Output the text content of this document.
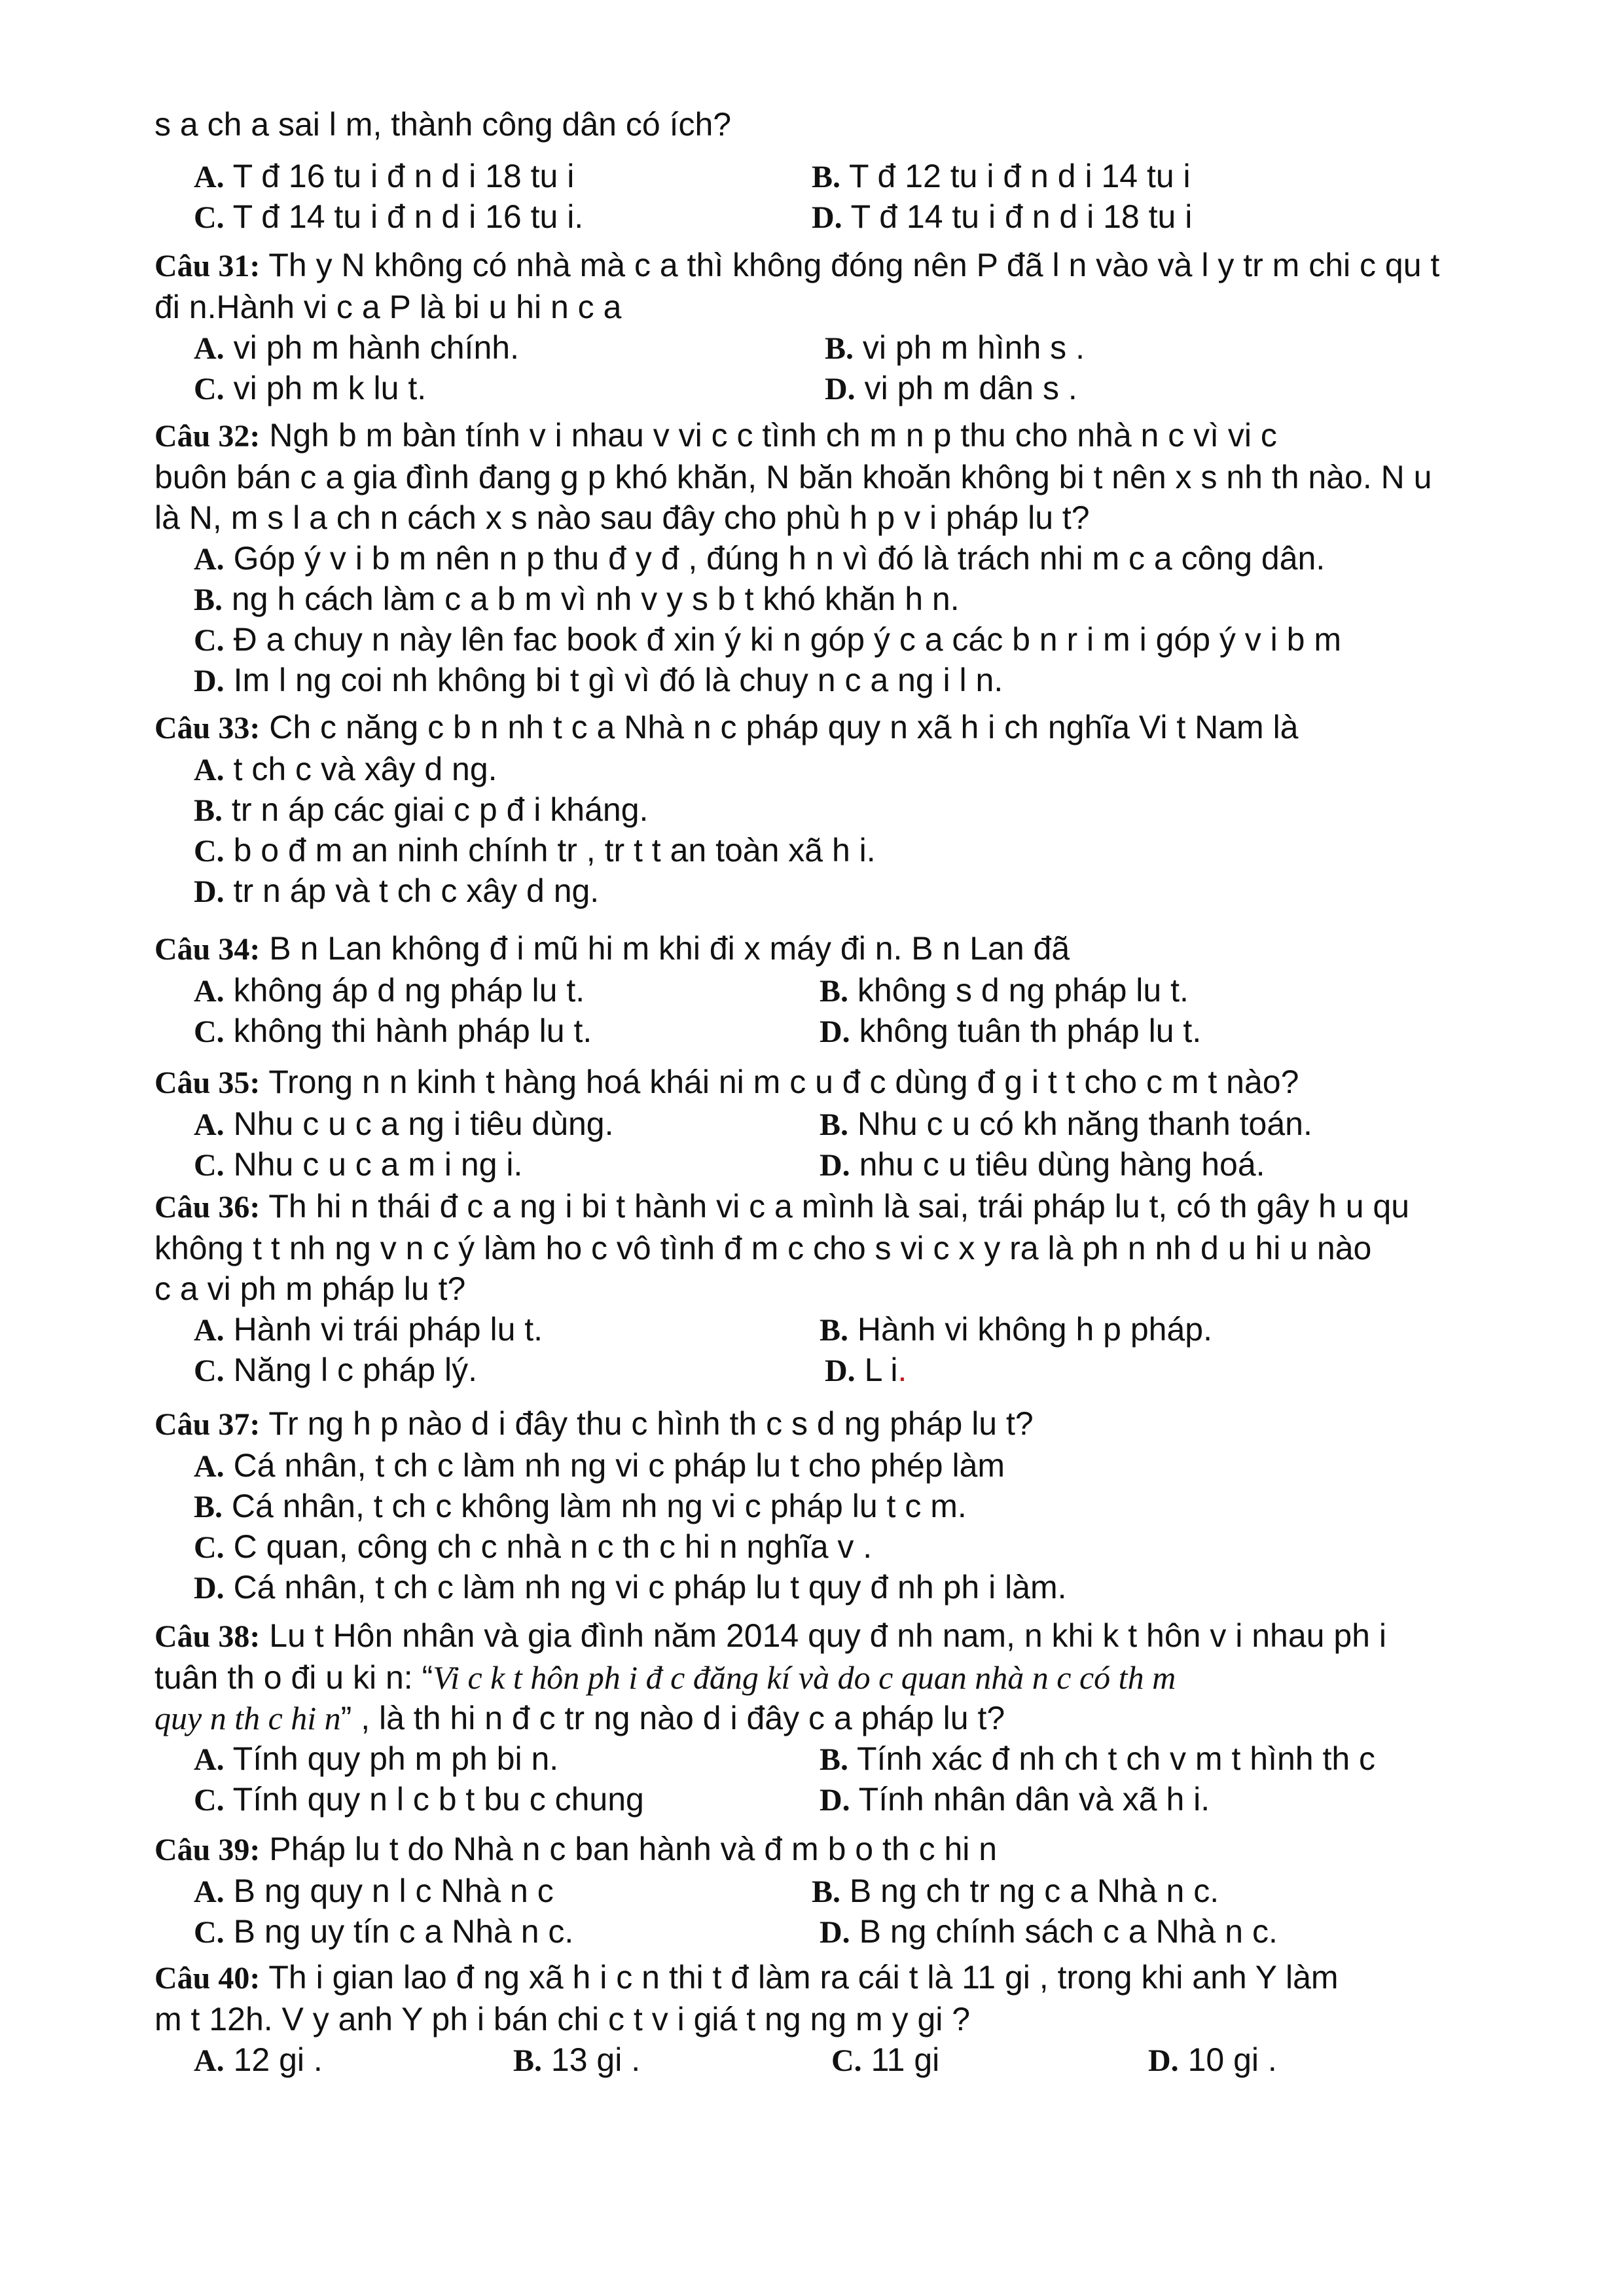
s a ch a sai l m, thành công dân có ích?
A. T đ 16 tu i đ n d i 18 tu i	B. T đ 12 tu i đ n d i 14 tu i
C. T đ 14 tu i đ n d i 16 tu i.	D. T đ 14 tu i đ n d i 18 tu i

Câu 31: Th y N không có nhà mà c a thì không đóng nên P đã l n vào và l y tr m chi c qu t

đi n.Hành vi c a P là bi u hi n c a

A. vi ph m hành chính.	B. vi ph m hình s .
C. vi ph m k lu t.	D. vi ph m dân s .

Câu 32: Ngh b m bàn tính v i nhau v vi c c tình ch m n p thu cho nhà n c vì vi c

buôn bán c a gia đình đang g p khó khăn, N băn khoăn không bi t nên x s nh th nào. N u

là N, m s l a ch n cách x s nào sau đây cho phù h p v i pháp lu t?

A. Góp ý v i b m nên n p thu đ y đ , đúng h n vì đó là trách nhi m c a công dân.
B. ng h cách làm c a b m vì nh v y s b t khó khăn h n.
C. Đ a chuy n này lên fac book đ xin ý ki n góp ý c a các b n r i m i góp ý v i b m
D. Im l ng coi nh không bi t gì vì đó là chuy n c a ng i l n.

Câu 33: Ch c năng c b n nh t c a Nhà n c pháp quy n xã h i ch nghĩa Vi t Nam là

A. t ch c và xây d ng.
B. tr n áp các giai c p đ i kháng.
C. b o đ m an ninh chính tr , tr t t an toàn xã h i.
D. tr n áp và t ch c xây d ng.

Câu 34: B n Lan không đ i mũ hi m khi đi x máy đi n. B n Lan đã

A. không áp d ng pháp lu t.	B. không s d ng pháp lu t.
C. không thi hành pháp lu t.	D. không tuân th pháp lu t.

Câu 35: Trong n n kinh t hàng hoá khái ni m c u đ c dùng đ g i t t cho c m t nào?

A. Nhu c u c a ng i tiêu dùng.	B. Nhu c u có kh năng thanh toán.
C. Nhu c u c a m i ng i.	D. nhu c u tiêu dùng hàng hoá.

Câu 36: Th hi n thái đ c a ng i bi t hành vi c a mình là sai, trái pháp lu t, có th gây h u qu

không t t nh ng v n c ý làm ho c vô tình đ m c cho s vi c x y ra là ph n nh d u hi u nào

c a vi ph m pháp lu t?

A. Hành vi trái pháp lu t.	B. Hành vi không h p pháp.
C. Năng l c pháp lý.	D. L i.

Câu 37: Tr ng h p nào d i đây thu c hình th c s d ng pháp lu t?

A. Cá nhân, t ch c làm nh ng vi c pháp lu t cho phép làm
B. Cá nhân, t ch c không làm nh ng vi c pháp lu t c m.
C. C quan, công ch c nhà n c th c hi n nghĩa v .
D. Cá nhân, t ch c làm nh ng vi c pháp lu t quy đ nh ph i làm.

Câu 38: Lu t Hôn nhân và gia đình năm 2014 quy đ nh nam, n khi k t hôn v i nhau ph i

tuân th o đi u ki n: “Vi c k t hôn ph i đ c đăng kí và do c quan nhà n c có th m

quy n th c hi n” , là th hi n đ c tr ng nào d i đây c a pháp lu t?

A. Tính quy ph m ph bi n.	B. Tính xác đ nh ch t ch v m t hình th c
C. Tính quy n l c b t bu c chung	D. Tính nhân dân và xã h i.

Câu 39: Pháp lu t do Nhà n c ban hành và đ m b o th c hi n

A. B ng quy n l c Nhà n c	B. B ng ch tr ng c a Nhà n c.
C. B ng uy tín c a Nhà n c.	D. B ng chính sách c a Nhà n c.

Câu 40: Th i gian lao đ ng xã h i c n thi t đ làm ra cái t là 11 gi , trong khi anh Y làm

m t 12h. V y anh Y ph i bán chi c t v i giá t ng ng m y gi ?

A. 12 gi .	B. 13 gi .	C. 11 gi	D. 10 gi .
